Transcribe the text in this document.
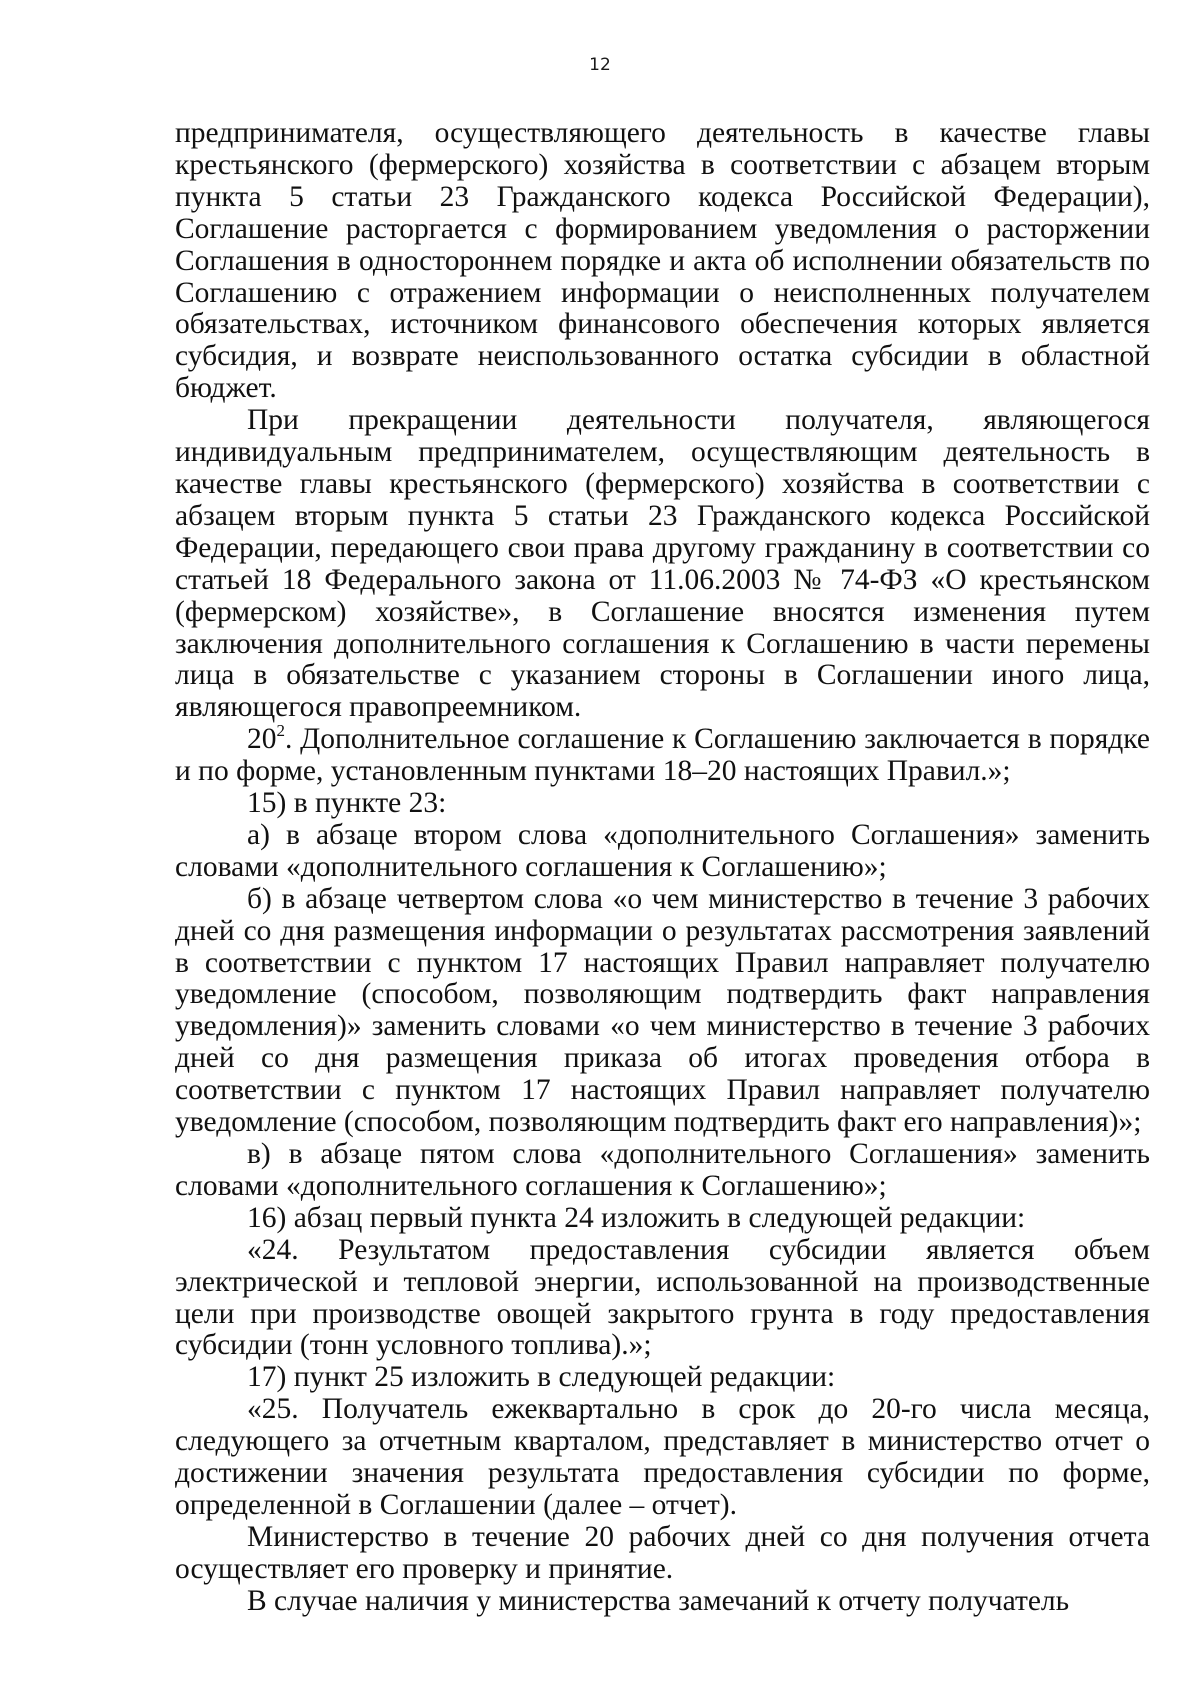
12

предпринимателя, осуществляющего деятельность в качестве главы крестьянского (фермерского) хозяйства в соответствии с абзацем вторым пункта 5 статьи 23 Гражданского кодекса Российской Федерации), Соглашение расторгается с формированием уведомления о расторжении Соглашения в одностороннем порядке и акта об исполнении обязательств по Соглашению с отражением информации о неисполненных получателем обязательствах, источником финансового обеспечения которых является субсидия, и возврате неиспользованного остатка субсидии в областной бюджет.

При прекращении деятельности получателя, являющегося индивидуальным предпринимателем, осуществляющим деятельность в качестве главы крестьянского (фермерского) хозяйства в соответствии с абзацем вторым пункта 5 статьи 23 Гражданского кодекса Российской Федерации, передающего свои права другому гражданину в соответствии со статьей 18 Федерального закона от 11.06.2003 № 74-ФЗ «О крестьянском (фермерском) хозяйстве», в Соглашение вносятся изменения путем заключения дополнительного соглашения к Соглашению в части перемены лица в обязательстве с указанием стороны в Соглашении иного лица, являющегося правопреемником.

$20^2$. Дополнительное соглашение к Соглашению заключается в порядке и по форме, установленным пунктами 18–20 настоящих Правил.»;

15) в пункте 23:

а) в абзаце втором слова «дополнительного Соглашения» заменить словами «дополнительного соглашения к Соглашению»;

б) в абзаце четвертом слова «о чем министерство в течение 3 рабочих дней со дня размещения информации о результатах рассмотрения заявлений в соответствии с пунктом 17 настоящих Правил направляет получателю уведомление (способом, позволяющим подтвердить факт направления уведомления)» заменить словами «о чем министерство в течение 3 рабочих дней со дня размещения приказа об итогах проведения отбора в соответствии с пунктом 17 настоящих Правил направляет получателю уведомление (способом, позволяющим подтвердить факт его направления)»;

в) в абзаце пятом слова «дополнительного Соглашения» заменить словами «дополнительного соглашения к Соглашению»;

16) абзац первый пункта 24 изложить в следующей редакции:

«24. Результатом предоставления субсидии является объем электрической и тепловой энергии, использованной на производственные цели при производстве овощей закрытого грунта в году предоставления субсидии (тонн условного топлива).»;

17) пункт 25 изложить в следующей редакции:

«25. Получатель ежеквартально в срок до 20-го числа месяца, следующего за отчетным кварталом, представляет в министерство отчет о достижении значения результата предоставления субсидии по форме, определенной в Соглашении (далее – отчет).

Министерство в течение 20 рабочих дней со дня получения отчета осуществляет его проверку и принятие.

В случае наличия у министерства замечаний к отчету получатель
